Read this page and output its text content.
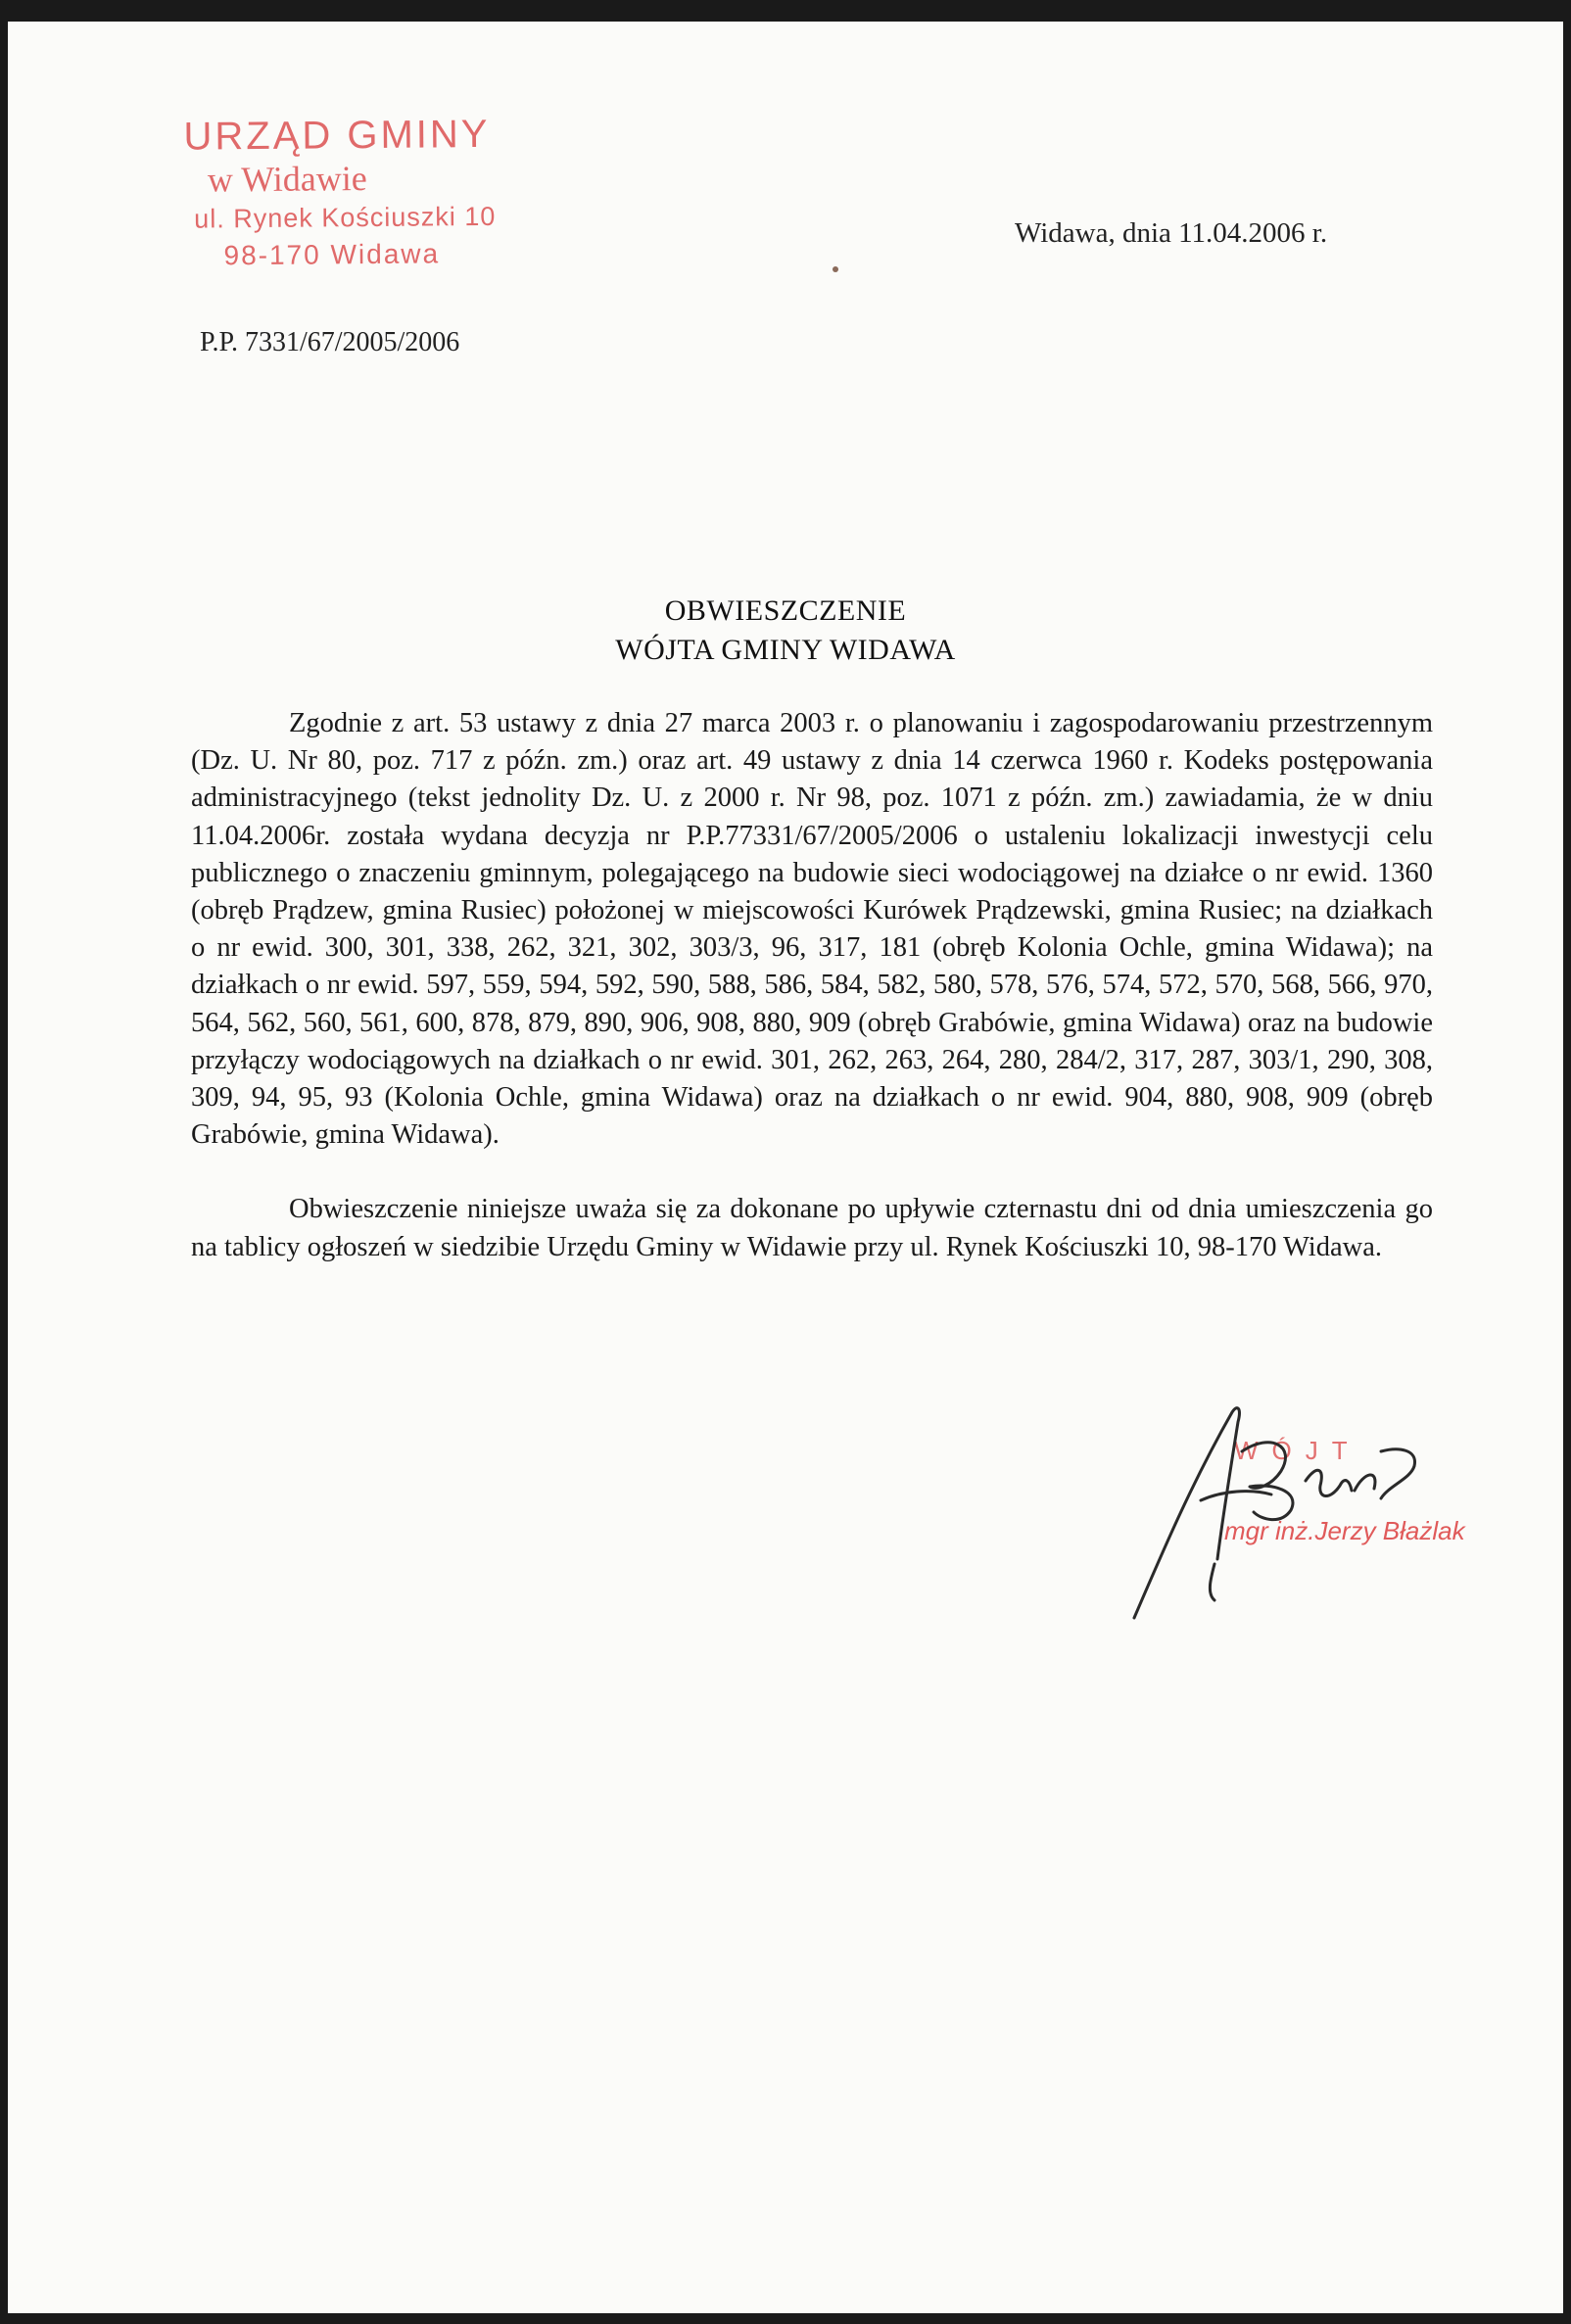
URZĄD GMINY
w Widawie
ul. Rynek Kościuszki 10
98-170 Widawa
Widawa, dnia 11.04.2006 r.
P.P. 7331/67/2005/2006
OBWIESZCZENIE
WÓJTA GMINY WIDAWA

Zgodnie z art. 53 ustawy z dnia 27 marca 2003 r. o planowaniu i zagospodarowaniu przestrzennym (Dz. U. Nr 80, poz. 717 z późn. zm.) oraz art. 49 ustawy z dnia 14 czerwca 1960 r. Kodeks postępowania administracyjnego (tekst jednolity Dz. U. z 2000 r. Nr 98, poz. 1071 z późn. zm.) zawiadamia, że w dniu 11.04.2006r. została wydana decyzja nr P.P.77331/67/2005/2006 o ustaleniu lokalizacji inwestycji celu publicznego o znaczeniu gminnym, polegającego na budowie sieci wodociągowej na działce o nr ewid. 1360 (obręb Prądzew, gmina Rusiec) położonej w miejscowości Kurówek Prądzewski, gmina Rusiec; na działkach o nr ewid. 300, 301, 338, 262, 321, 302, 303/3, 96, 317, 181 (obręb Kolonia Ochle, gmina Widawa); na działkach o nr ewid. 597, 559, 594, 592, 590, 588, 586, 584, 582, 580, 578, 576, 574, 572, 570, 568, 566, 970, 564, 562, 560, 561, 600, 878, 879, 890, 906, 908, 880, 909 (obręb Grabówie, gmina Widawa) oraz na budowie przyłączy wodociągowych na działkach o nr ewid. 301, 262, 263, 264, 280, 284/2, 317, 287, 303/1, 290, 308, 309, 94, 95, 93 (Kolonia Ochle, gmina Widawa) oraz na działkach o nr ewid. 904, 880, 908, 909 (obręb Grabówie, gmina Widawa).

Obwieszczenie niniejsze uważa się za dokonane po upływie czternastu dni od dnia umieszczenia go na tablicy ogłoszeń w siedzibie Urzędu Gminy w Widawie przy ul. Rynek Kościuszki 10, 98-170 Widawa.

WÓJT
mgr inż.Jerzy Błażlak
